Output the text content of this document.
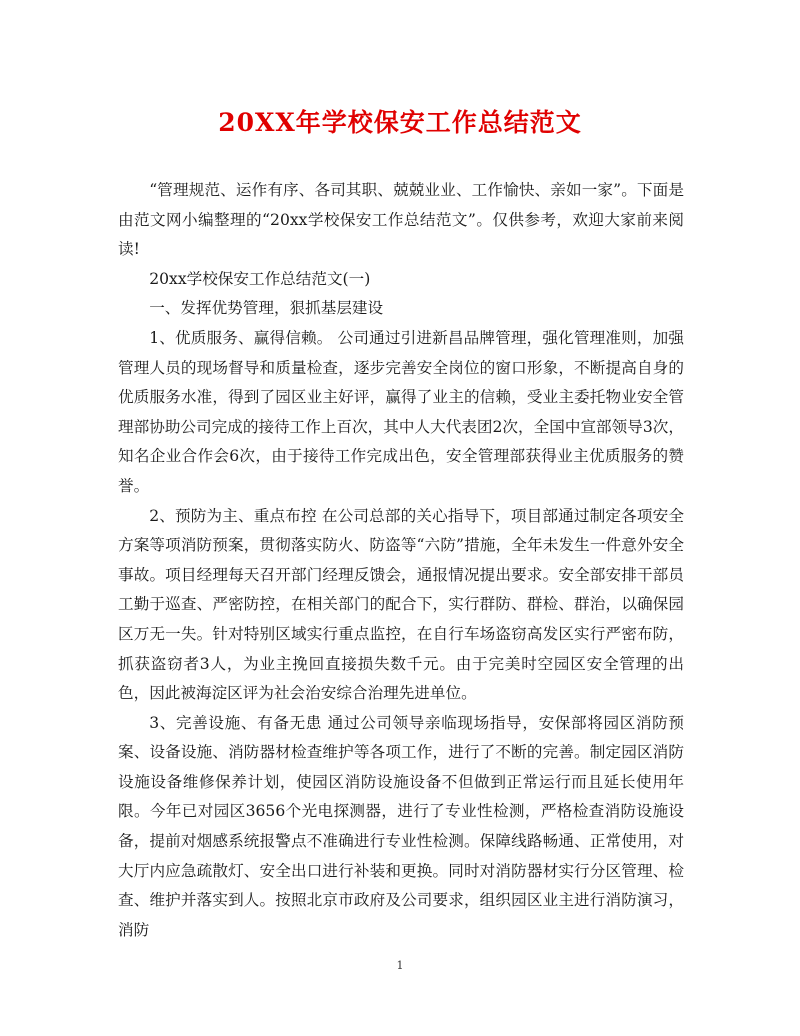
20XX年学校保安工作总结范文

“管理规范、运作有序、各司其职、兢兢业业、工作愉快、亲如一家”。下面是由范文网小编整理的“20xx学校保安工作总结范文”。仅供参考，欢迎大家前来阅读!

20xx学校保安工作总结范文(一)

一、发挥优势管理，狠抓基层建设

1、优质服务、赢得信赖。 公司通过引进新昌品牌管理，强化管理准则，加强管理人员的现场督导和质量检查，逐步完善安全岗位的窗口形象，不断提高自身的优质服务水准，得到了园区业主好评，赢得了业主的信赖，受业主委托物业安全管理部协助公司完成的接待工作上百次，其中人大代表团2次，全国中宣部领导3次，知名企业合作会6次，由于接待工作完成出色，安全管理部获得业主优质服务的赞誉。

2、预防为主、重点布控 在公司总部的关心指导下，项目部通过制定各项安全方案等项消防预案，贯彻落实防火、防盗等“六防”措施，全年未发生一件意外安全事故。项目经理每天召开部门经理反馈会，通报情况提出要求。安全部安排干部员工勤于巡查、严密防控，在相关部门的配合下，实行群防、群检、群治，以确保园区万无一失。针对特别区域实行重点监控，在自行车场盗窃高发区实行严密布防，抓获盗窃者3人，为业主挽回直接损失数千元。由于完美时空园区安全管理的出色，因此被海淀区评为社会治安综合治理先进单位。

3、完善设施、有备无患 通过公司领导亲临现场指导，安保部将园区消防预案、设备设施、消防器材检查维护等各项工作，进行了不断的完善。制定园区消防设施设备维修保养计划，使园区消防设施设备不但做到正常运行而且延长使用年限。今年已对园区3656个光电探测器，进行了专业性检测，严格检查消防设施设备，提前对烟感系统报警点不准确进行专业性检测。保障线路畅通、正常使用，对大厅内应急疏散灯、安全出口进行补装和更换。同时对消防器材实行分区管理、检查、维护并落实到人。按照北京市政府及公司要求，组织园区业主进行消防演习，消防

1
